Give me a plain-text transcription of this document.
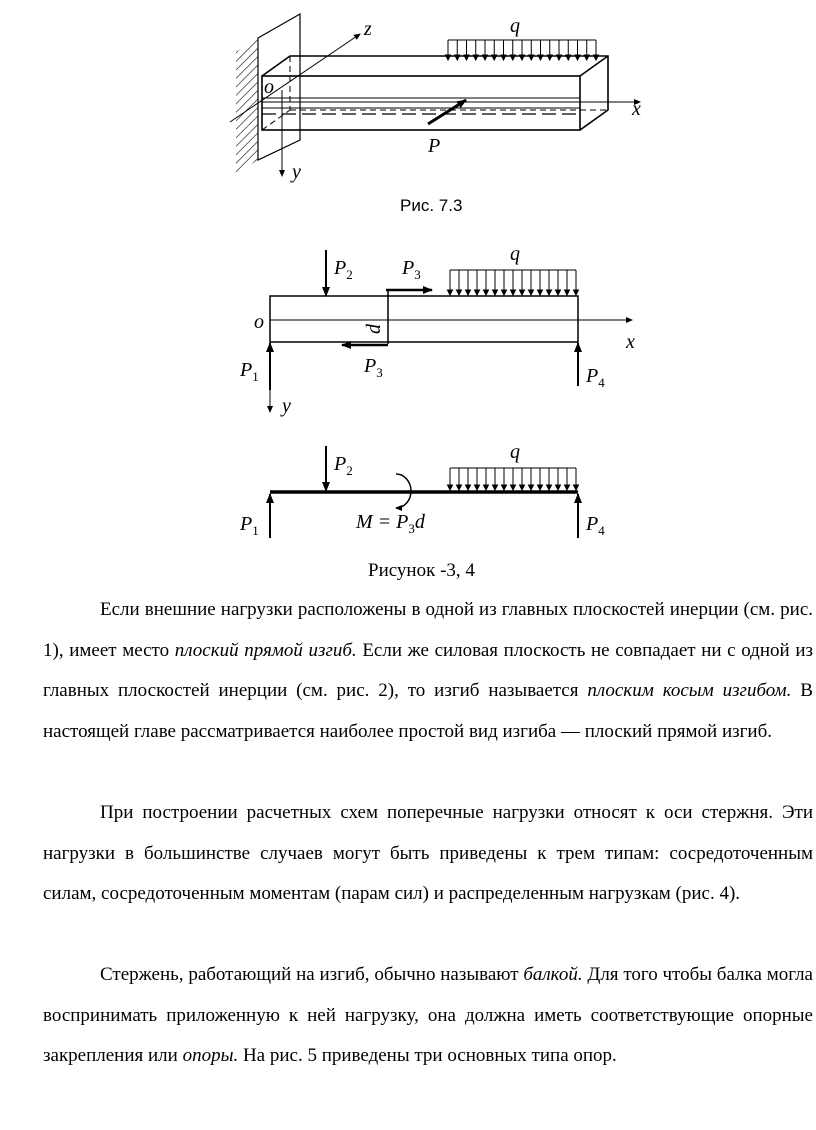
z	q
o
x
P
y
Рис. 7.3
$P_2$ $P_3$
q
o	d
x
$P_3$
$P_1$	$P_4$
y
$P_2$
q
$M = P_3d$
$P_1$	$P_4$
Рисунок -3, 4

Если внешние нагрузки расположены в одной из главных плоскостей инерции (см. рис. 1), имеет место плоский прямой изгиб. Если же силовая плоскость не совпадает ни с одной из главных плоскостей инерции (см. рис. 2), то изгиб называется плоским косым изгибом. В настоящей главе рассматривается наиболее простой вид изгиба — плоский прямой изгиб.

При построении расчетных схем поперечные нагрузки относят к оси стержня. Эти нагрузки в большинстве случаев могут быть приведены к трем типам: сосредоточенным силам, сосредоточенным моментам (парам сил) и распределенным нагрузкам (рис. 4).

Стержень, работающий на изгиб, обычно называют балкой. Для того чтобы балка могла воспринимать приложенную к ней нагрузку, она должна иметь соответствующие опорные закрепления или опоры. На рис. 5 приведены три основных типа опор.
